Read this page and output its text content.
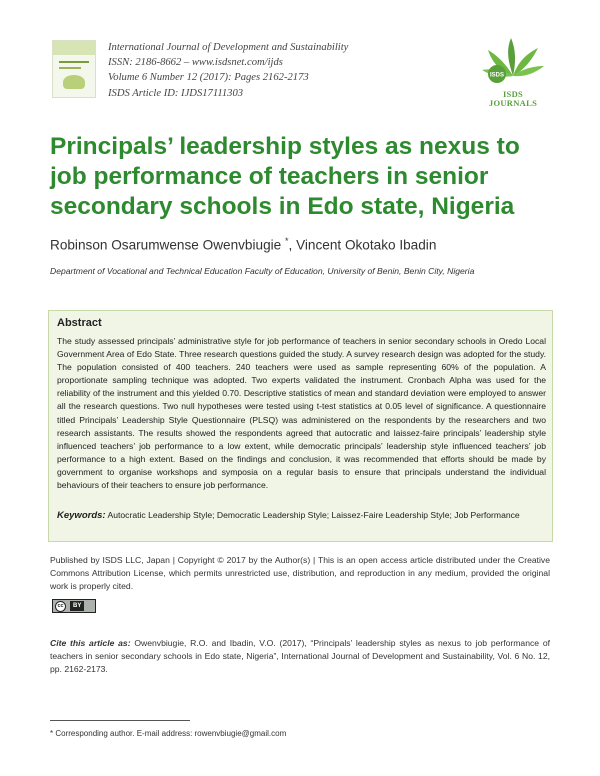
International Journal of Development and Sustainability
ISSN: 2186-8662 – www.isdsnet.com/ijds
Volume 6 Number 12 (2017): Pages 2162-2173
ISDS Article ID: IJDS17111303
ISDS
ISDS
JOURNALS
Principals’ leadership styles as nexus to job performance of teachers in senior secondary schools in Edo state, Nigeria
Robinson Osarumwense Owenvbiugie *, Vincent Okotako Ibadin
Department of Vocational and Technical Education Faculty of Education, University of Benin, Benin City, Nigeria
Abstract
The study assessed principals’ administrative style for job performance of teachers in senior secondary schools in Oredo Local Government Area of Edo State. Three research questions guided the study. A survey research design was adopted for the study. The population consisted of 400 teachers. 240 teachers were used as sample representing 60% of the population. A proportionate sampling technique was adopted. Two experts validated the instrument. Cronbach Alpha was used for the reliability of the instrument and this yielded 0.70. Descriptive statistics of mean and standard deviation were employed to answer all the research questions. Two null hypotheses were tested using t-test statistics at 0.05 level of significance. A questionnaire titled Principals’ Leadership Style Questionnaire (PLSQ) was administered on the respondents by the researchers and two research assistants. The results showed the respondents agreed that autocratic and laissez-faire principals’ leadership style influenced teachers’ job performance to a low extent, while democratic principals’ leadership style influenced teachers’ job performance to a high extent. Based on the findings and conclusion, it was recommended that efforts should be made by government to organise workshops and symposia on a regular basis to ensure that principals understand the individual behaviours of their teachers to ensure job performance.
Keywords: Autocratic Leadership Style; Democratic Leadership Style; Laissez-Faire Leadership Style; Job Performance
Published by ISDS LLC, Japan | Copyright © 2017 by the Author(s) | This is an open access article distributed under the Creative Commons Attribution License, which permits unrestricted use, distribution, and reproduction in any medium, provided the original work is properly cited.
cc	BY
Cite this article as: Owenvbiugie, R.O. and Ibadin, V.O. (2017), “Principals’ leadership styles as nexus to job performance of teachers in senior secondary schools in Edo state, Nigeria”, International Journal of Development and Sustainability, Vol. 6 No. 12, pp. 2162-2173.
* Corresponding author. E-mail address: rowenvbiugie@gmail.com
